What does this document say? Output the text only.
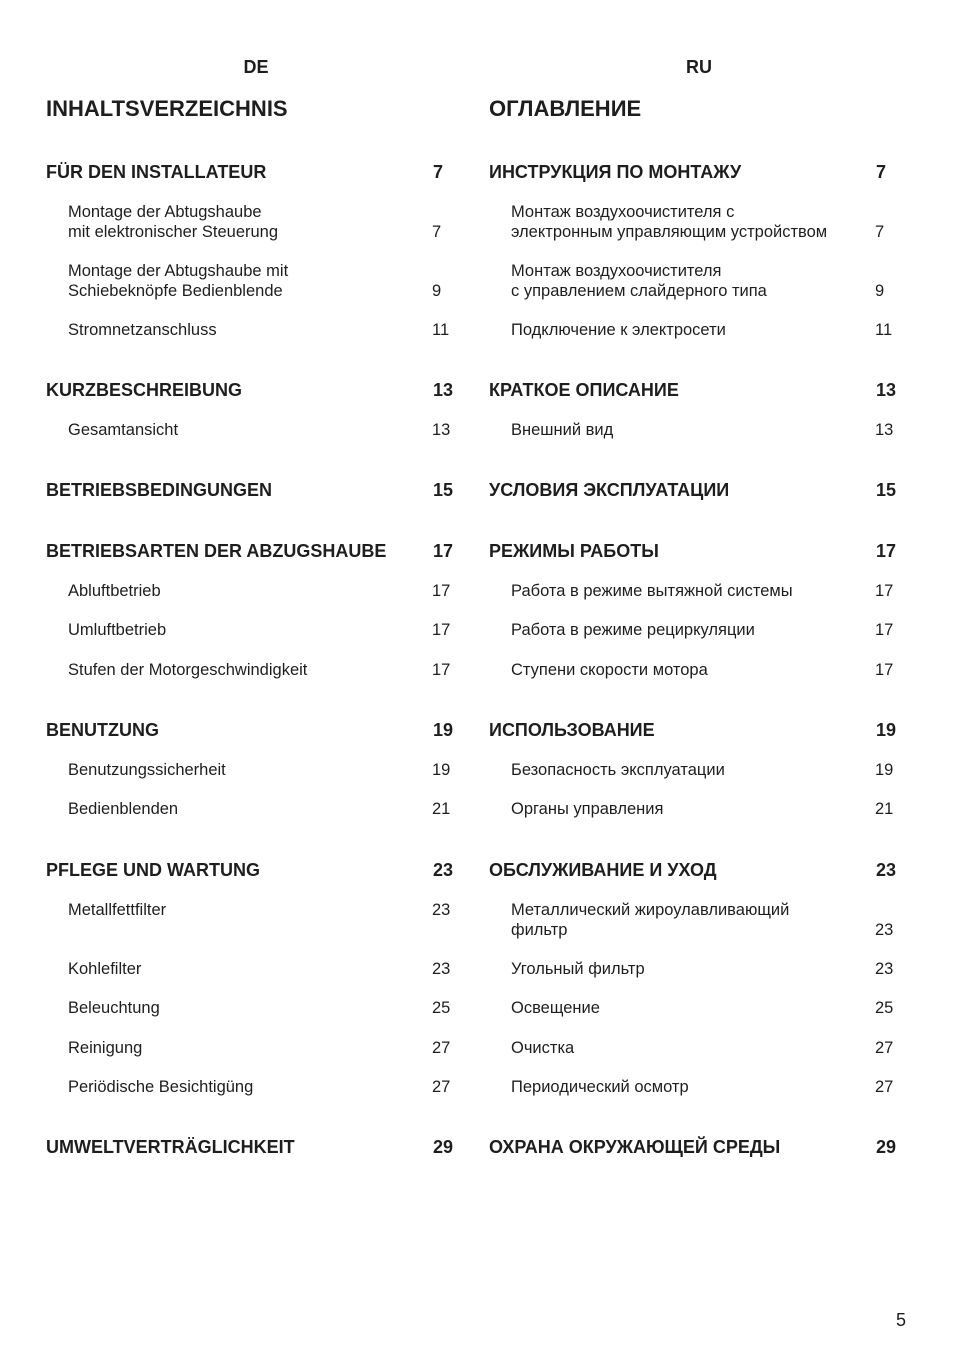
DE
INHALTSVERZEICHNIS
FÜR DEN INSTALLATEUR	7
Montage der Abtugshaube
mit elektronischer Steuerung	7
Montage der Abtugshaube mit
Schiebeknöpfe Bedienblende	9
Stromnetzanschluss	11
KURZBESCHREIBUNG	13
Gesamtansicht	13
BETRIEBSBEDINGUNGEN	15
BETRIEBSARTEN DER ABZUGSHAUBE	17
Abluftbetrieb	17
Umluftbetrieb	17
Stufen der Motorgeschwindigkeit	17
BENUTZUNG	19
Benutzungssicherheit	19
Bedienblenden	21
PFLEGE UND WARTUNG	23
Metallfettfilter	23
Kohlefilter	23
Beleuchtung	25
Reinigung	27
Periödische Besichtigüng	27
UMWELTVERTRÄGLICHKEIT	29
RU
ОГЛАВЛЕНИЕ
ИНСТРУКЦИЯ ПО МОНТАЖУ	7
Монтаж воздухоочистителя с
электронным управляющим устройством	7
Монтаж воздухоочистителя
с управлением слайдерного типа	9
Подключение к электросети	11
КРАТКОЕ ОПИСАНИЕ	13
Внешний вид	13
УСЛОВИЯ ЭКСПЛУАТАЦИИ	15
РЕЖИМЫ РАБОТЫ	17
Работа в режиме вытяжной системы	17
Работа в режиме рециркуляции	17
Ступени скорости мотора	17
ИСПОЛЬЗОВАНИЕ	19
Безопасность эксплуатации	19
Органы управления	21
ОБСЛУЖИВАНИЕ И УХОД	23
Металлический жироулавливающий
фильтр	23
Угольный фильтр	23
Освещение	25
Очистка	27
Периодический осмотр	27
ОХРАНА ОКРУЖАЮЩЕЙ СРЕДЫ	29
5
